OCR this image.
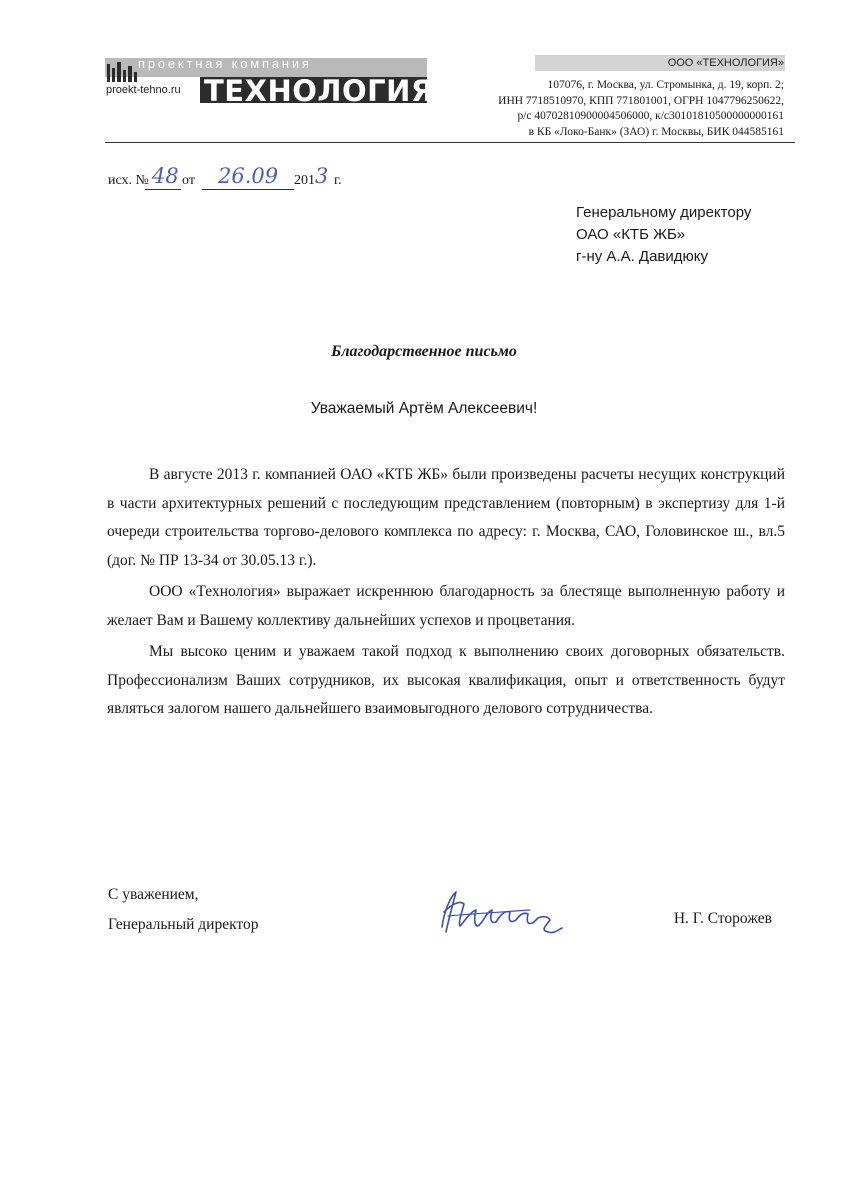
проектная компания
proekt-tehno.ru ТЕХНОЛОГИЯ
ООО «ТЕХНОЛОГИЯ»
107076, г. Москва, ул. Стромынка, д. 19, корп. 2;
ИНН 7718510970, КПП 771801001, ОГРН 1047796250622,
р/с 40702810900004506000, к/с30101810500000000161
в КБ «Локо-Банк» (ЗАО) г. Москвы, БИК 044585161
исх. № 48 от 26.09 201 3 г.
Генеральному директору
ОАО «КТБ ЖБ»
г-ну А.А. Давидюку
Благодарственное письмо
Уважаемый Артём Алексеевич!

В августе 2013 г. компанией ОАО «КТБ ЖБ» были произведены расчеты несущих конструкций в части архитектурных решений с последующим представлением (повторным) в экспертизу для 1-й очереди строительства торгово-делового комплекса по адресу: г. Москва, САО, Головинское ш., вл.5 (дог. № ПР 13-34 от 30.05.13 г.).

ООО «Технология» выражает искреннюю благодарность за блестяще выполненную работу и желает Вам и Вашему коллективу дальнейших успехов и процветания.

Мы высоко ценим и уважаем такой подход к выполнению своих договорных обязательств. Профессионализм Ваших сотрудников, их высокая квалификация, опыт и ответственность будут являться залогом нашего дальнейшего взаимовыгодного делового сотрудничества.

С уважением,
Генеральный директор	Н. Г. Сторожев
